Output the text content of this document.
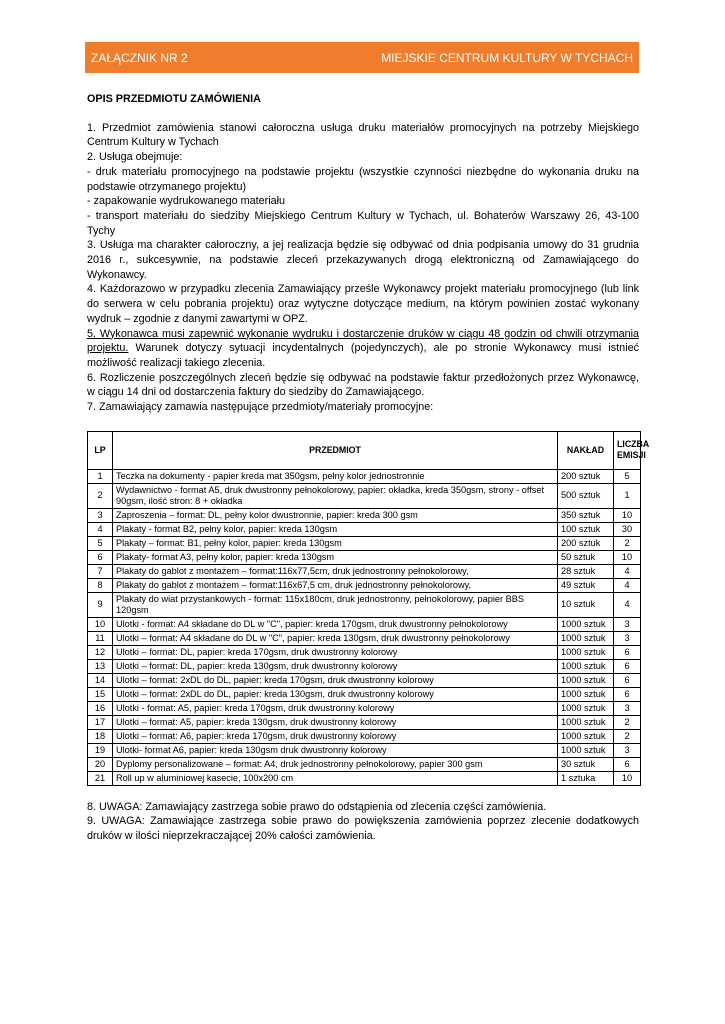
ZAŁĄCZNIK NR 2	MIEJSKIE CENTRUM KULTURY W TYCHACH

OPIS PRZEDMIOTU ZAMÓWIENIA

1. Przedmiot zamówienia stanowi całoroczna usługa druku materiałów promocyjnych na potrzeby Miejskiego Centrum Kultury w Tychach

2. Usługa obejmuje:

- druk materiału promocyjnego na podstawie projektu (wszystkie czynności niezbędne do wykonania druku na podstawie otrzymanego projektu)

- zapakowanie wydrukowanego materiału

- transport materiału do siedziby Miejskiego Centrum Kultury w Tychach, ul. Bohaterów Warszawy 26, 43-100 Tychy

3. Usługa ma charakter całoroczny, a jej realizacja będzie się odbywać od dnia podpisania umowy do 31 grudnia 2016 r., sukcesywnie, na podstawie zleceń przekazywanych drogą elektroniczną od Zamawiającego do Wykonawcy.

4. Każdorazowo w przypadku zlecenia Zamawiający prześle Wykonawcy projekt materiału promocyjnego (lub link do serwera w celu pobrania projektu) oraz wytyczne dotyczące medium, na którym powinien zostać wykonany wydruk – zgodnie z danymi zawartymi w OPZ.

5. Wykonawca musi zapewnić wykonanie wydruku i dostarczenie druków w ciągu 48 godzin od chwili otrzymania projektu. Warunek dotyczy sytuacji incydentalnych (pojedynczych), ale po stronie Wykonawcy musi istnieć możliwość realizacji takiego zlecenia.

6. Rozliczenie poszczególnych zleceń będzie się odbywać na podstawie faktur przedłożonych przez Wykonawcę, w ciągu 14 dni od dostarczenia faktury do siedziby do Zamawiającego.

7. Zamawiający zamawia następujące przedmioty/materiały promocyjne:

LP	PRZEDMIOT	NAKŁAD	LICZBA EMISJI
1	Teczka na dokumenty - papier kreda mat 350gsm, pełny kolor jednostronnie	200 sztuk	5
2	Wydawnictwo - format A5, druk dwustronny pełnokolorowy, papier: okładka, kreda 350gsm, strony - offset 90gsm, ilość stron: 8 + okładka	500 sztuk	1
3	Zaproszenia – format: DL, pełny kolor dwustronnie, papier: kreda 300 gsm	350 sztuk	10
4	Plakaty - format B2, pełny kolor, papier: kreda 130gsm	100 sztuk	30
5	Plakaty – format: B1, pełny kolor, papier: kreda 130gsm	200 sztuk	2
6	Plakaty- format A3, pełny kolor, papier: kreda 130gsm	50 sztuk	10
7	Plakaty do gablot z montażem – format:116x77,5cm, druk jednostronny pełnokolorowy,	28 sztuk	4
8	Plakaty do gablot z montażem – format:116x67,5 cm, druk jednostronny pełnokolorowy,	49 sztuk	4
9	Plakaty do wiat przystankowych - format: 115x180cm, druk jednostronny, pełnokolorowy, papier BBS 120gsm	10 sztuk	4
10	Ulotki - format: A4 składane do DL w "C", papier: kreda 170gsm, druk dwustronny pełnokolorowy	1000 sztuk	3
11	Ulotki – format: A4 składane do DL w "C", papier: kreda 130gsm, druk dwustronny pełnokolorowy	1000 sztuk	3
12	Ulotki – format: DL, papier: kreda 170gsm, druk dwustronny kolorowy	1000 sztuk	6
13	Ulotki – format: DL, papier: kreda 130gsm, druk dwustronny kolorowy	1000 sztuk	6
14	Ulotki – format: 2xDL do DL, papier: kreda 170gsm, druk dwustronny kolorowy	1000 sztuk	6
15	Ulotki – format: 2xDL do DL, papier: kreda 130gsm, druk dwustronny kolorowy	1000 sztuk	6
16	Ulotki - format: A5, papier: kreda 170gsm, druk dwustronny kolorowy	1000 sztuk	3
17	Ulotki – format: A5, papier: kreda 130gsm, druk dwustronny kolorowy	1000 sztuk	2
18	Ulotki – format: A6, papier: kreda 170gsm, druk dwustronny kolorowy	1000 sztuk	2
19	Ulotki- format A6, papier: kreda 130gsm druk dwustronny kolorowy	1000 sztuk	3
20	Dyplomy personalizowane – format: A4, druk jednostronny pełnokolorowy, papier 300 gsm	30 sztuk	6
21	Roll up w aluminiowej kasecie, 100x200 cm	1 sztuka	10

8. UWAGA: Zamawiający zastrzega sobie prawo do odstąpienia od zlecenia części zamówienia.

9. UWAGA: Zamawiające zastrzega sobie prawo do powiększenia zamówienia poprzez zlecenie dodatkowych druków w ilości nieprzekraczającej 20% całości zamówienia.
